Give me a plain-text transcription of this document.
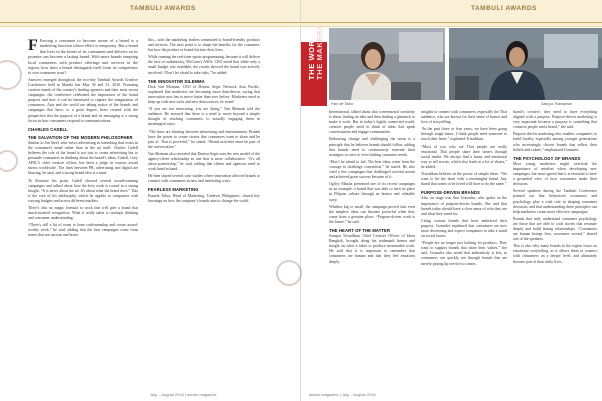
TAMBULI AWARDS

F Forcing a consumer to become aware of a brand is a marketing function whose effect is temporary. But a brand that lives in the hearts of its consumers and delivers on its promise can become a lasting brand. With more brands tempting local consumers with product offerings and services in the region, how does a brand distinguish itself from its competitors to win consumer trust?

Answers emerged throughout the two-day Tambuli Awards Creative Conference held in Manila last May 30 and 31, 2016. Featuring creative minds of the country's leading agencies and their most recent campaigns, the conference celebrated the importance of the brand purpose and how it can be harnessed to capture the imagination of consumers. Asia and the world are taking notice of the brands and campaigns that have, to a great degree, been created with the perspective that the purpose of a brand and its messaging is a strong factor in how consumers respond to communications.

CHARLES CADELL
THE SALVATION OF THE MODERN PHILOSOPHER

Similar to Jon Steel, who views advertising as something that exists in the consumer's mind rather than in the ad itself, Charles Cadell believes the role of the brand is not just to create advertising but to persuade consumers in thinking about the brand's ideas. Cadell, Grey APAC's chief creative officer, has been a judge in various award shows worldwide. The lines between PR, advertising and digital are blurring, he said, and a strong brand idea is a must.

To illustrate his point, Cadell showed several award-winning campaigns and talked about how the best work is rooted in a strong insight: “It is never about the ad. It's about what the brand does.” This is the core of his philosophy, which he applies to companies with varying budgets and across different markets.

There's also no magic formula to work that will give a brand that much-awaited recognition. What it really takes is strategic thinking and consumer understanding.

“There's still a lot of room to hone craftsmanship and create award-worthy work,” he said, adding that the best campaigns come from teams that are curious and brave.

this—with the marketing leaders committed to brand-friendly products and services. The next point is to shape the benefits for the consumer, but how the product or brand fits into their lives.

While running the real-time sports programming, because it will deliver the face of authenticity, McCann’s ASIA, CEO noted that while only a small budget was available, the results showed the brand was actively involved. “Don’t be afraid to take risks,” he added.

THE INNOVATOR DILEMMA

Dick Van Motman, CEO of Dentsu Aegis Network Asia Pacific, explained that marketers are becoming more data-driven, saying that innovation now has to move faster than ever before. Marketers need to keep up with new tools and new data sources, he noted.

“If you are not innovating, you are dying,” Van Motman told the audience. He stressed that there is a need to move beyond a simple thought of reaching consumers to actually engaging them in meaningful ways.

“The lines are blurring between advertising and entertainment. Brands have the power to create stories that consumers want to share and be part of. That is powerful,” he stated. “Brand activities must be part of the conversation.”

Van Motman also revealed that Dentsu Aegis sees the new model of the agency-client relationship as one that is more collaborative. “It’s all about partnership,” he said, adding that clients and agencies need to work hand in hand.

He then shared several case studies where innovation allowed brands to connect with consumers in new and interesting ways.

FEARLESS MARKETING

Pamela Tabor, Head of Marketing, Unilever Philippines, shared key learnings on how the company’s brands aim to change the world.

July – August 2016 | adobo magazine
TAMBULI AWARDS
THE WORK THE MAKERS
57 58
Pam de Tabor	Sakuya Thanaphan

International, talked about that conventional creativity is about finding an idea and then finding a gimmick to make it work. But in today’s highly connected world, creative people need to think of ideas that spark conversations and engage communities.

Embracing change and challenging the norm is a principle that he believes brands should follow, adding that brands need to continuously reinvent their strategies to cater to ever-shifting consumer needs.

“Don’t be afraid to fail. The best ideas come from the courage to challenge convention,” he stated. He also cited a few campaigns that challenged societal norms and achieved great success because of it.

Ogilvy Manila presented one of its recent campaigns as an example: a brand that was able to earn its place in Filipino culture through an honest and relatable story.

Whether big or small, the campaign proved that even the simplest ideas can become powerful when they come from a genuine place. “Purpose-driven work is the future,” he said.

THE HEART OF THE MATTER

Sompat Trisadikun, Chief Creative Officer of Ideas Bangkok, brought along his trademark humor and insight on what it takes to produce memorable work. He said that it is important to remember that consumers are human and that they feel emotions deeply.

insights to connect with consumers, especially the Thai audience, who are known for their sense of humor and love of storytelling.

“In the past three or four years, we have been going through tough times. I think people need someone to touch their heart,” explained Trisadikun.

“Most of you who are Thai people are really emotional. Thai people share their stories through social media. We always find a funny and emotional way to tell stories, which also leads to a lot of shares,” he added.

Trisadikun believes in the power of simple ideas. “We want to hit the heart with a meaningful brand. Any brand that wants to be loved will have to do the same.”

PURPOSE-DRIVEN BRANDS

Also on stage was Ana Gonzales, who spoke on the importance of purpose-driven brands. She said that brands today should have a clear sense of who they are and what they stand for.

Citing various brands that have embraced their purpose, Gonzales explained that consumers are now more discerning and expect companies to take a stand on social issues.

“People are no longer just looking for products. They want to support brands that share their values,” she said. Gonzales also noted that authenticity is key, as consumers can quickly see through brands that are merely paying lip service to causes.

brand’s creative, they need to have everything aligned with a purpose. Purpose-driven marketing is very important because a purpose is something that connects people and a brand,” she said.

Purpose-driven marketing also enables companies to build loyalty, especially among younger generations who increasingly choose brands that reflect their beliefs and values,” emphasized Gonzales.

THE PSYCHOLOGY OF BRANDS

Most young marketers might overlook the importance of mindset when developing new campaigns, but most agreed that it is essential to have a grounded view of how consumers make their decisions.

Several speakers during the Tambuli Conference pointed out that behavioral economics and psychology play a vital role in shaping consumer decisions, and that understanding these principles can help marketers create more effective campaigns.

Brands that truly understand consumer psychology are those that are able to craft stories that resonate deeply and build lasting relationships. “Consumers are human beings first, customers second,” shared one of the speakers.

This is also why many brands in the region focus on emotional storytelling, as it allows them to connect with consumers on a deeper level, and ultimately become part of their daily lives.

adobo magazine | July – August 2016
